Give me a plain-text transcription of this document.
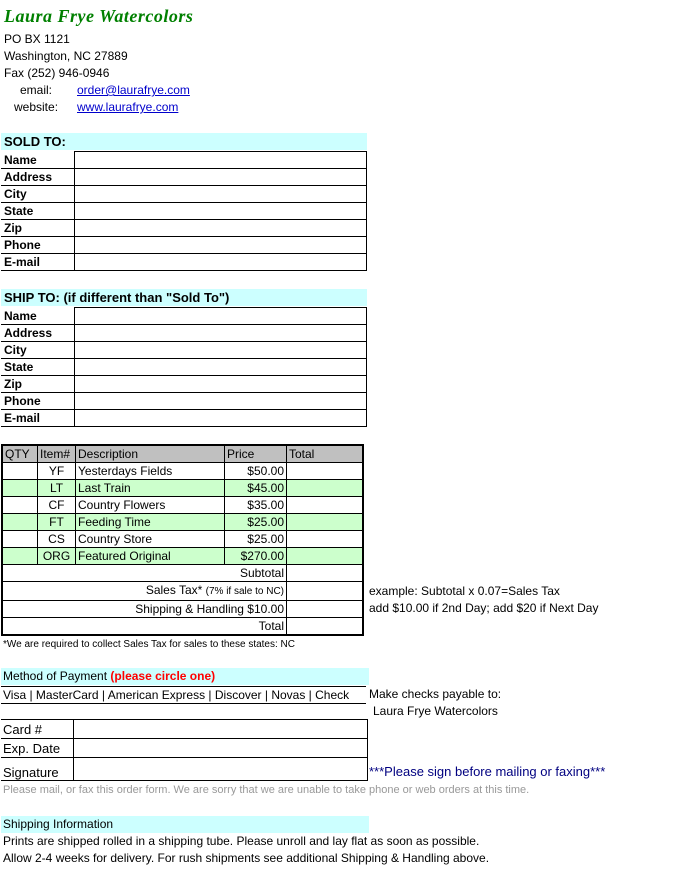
Laura Frye Watercolors
PO BX 1121
Washington, NC 27889
Fax (252) 946-0946
email: order@laurafrye.com
website: www.laurafrye.com
SOLD TO:
Name	
Address	
City	
State	
Zip	
Phone	
E-mail	
SHIP TO: (if different than "Sold To")
Name	
Address	
City	
State	
Zip	
Phone	
E-mail	
QTY	Item#	Description	Price	Total
	YF	Yesterdays Fields	$50.00	
	LT	Last Train	$45.00	
	CF	Country Flowers	$35.00	
	FT	Feeding Time	$25.00	
	CS	Country Store	$25.00	
	ORG	Featured Original	$270.00	
Subtotal				
Sales Tax* (7% if sale to NC)				
Shipping & Handling $10.00				
Total				
example: Subtotal x 0.07=Sales Tax
add $10.00 if 2nd Day; add $20 if Next Day
*We are required to collect Sales Tax for sales to these states: NC
Method of Payment (please circle one)
Visa | MasterCard | American Express | Discover | Novas | Check	Make checks payable to:
Laura Frye Watercolors
Card #	
Exp. Date	
Signature		***Please sign before mailing or faxing***
Please mail, or fax this order form. We are sorry that we are unable to take phone or web orders at this time.
Shipping Information
Prints are shipped rolled in a shipping tube. Please unroll and lay flat as soon as possible.
Allow 2-4 weeks for delivery. For rush shipments see additional Shipping & Handling above.
